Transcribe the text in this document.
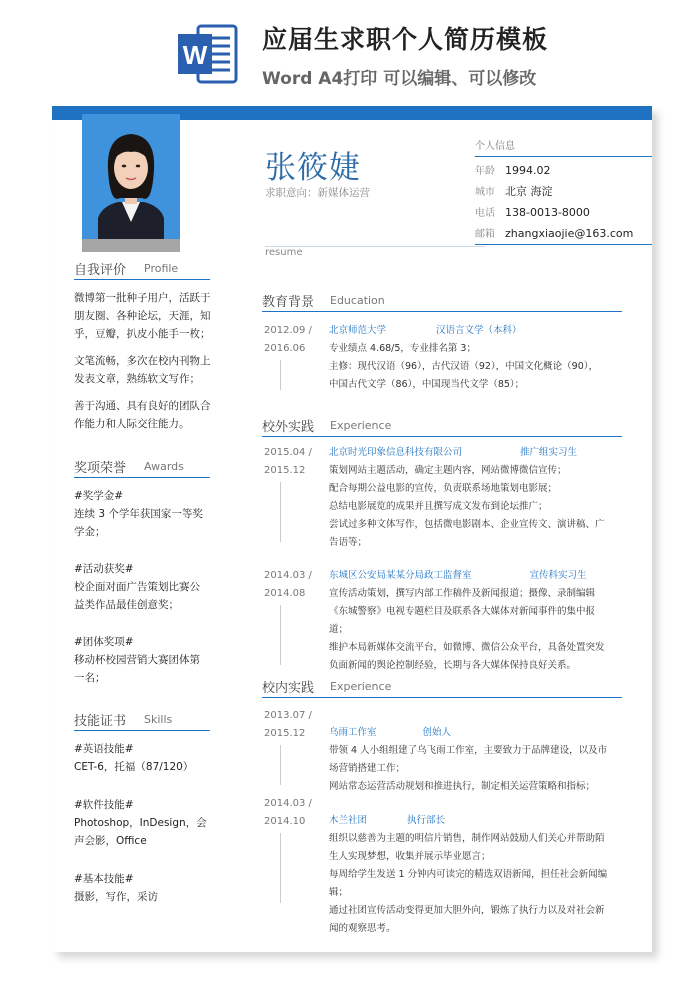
W
应届生求职个人简历模板
Word A4打印 可以编辑、可以修改
自我评价 Profile
微博第一批种子用户，活跃于
朋友圈、各种论坛，天涯，知
乎，豆瓣，扒皮小能手一枚；
文笔流畅，多次在校内刊物上
发表文章，熟练软文写作；
善于沟通、具有良好的团队合
作能力和人际交往能力。
奖项荣誉 Awards
#奖学金#
连续 3 个学年获国家一等奖
学金；
#活动获奖#
校企面对面广告策划比赛公
益类作品最佳创意奖；
#团体奖项#
移动杯校园营销大赛团体第
一名；
技能证书 Skills
#英语技能#
CET-6，托福（87/120）
#软件技能#
Photoshop，InDesign，会
声会影，Office
#基本技能#
摄影，写作，采访
张筱婕
求职意向：新媒体运营
个人信息
年龄 1994.02
城市 北京 海淀
电话 138-0013-8000
邮箱 zhangxiaojie@163.com
resume
教育背景 Education
2012.09 /
2016.06

北京师范大学	汉语言文学（本科）

专业绩点 4.68/5，专业排名第 3；

主修：现代汉语（96），古代汉语（92），中国文化概论（90），

中国古代文学（86），中国现当代文学（85）；

校外实践 Experience
2015.04 /
2015.12

北京时光印象信息科技有限公司	推广组实习生

策划网站主题活动，确定主题内容，网站微博微信宣传；

配合每期公益电影的宣传，负责联系场地策划电影展；

总结电影展览的成果并且撰写成文发布到论坛推广；

尝试过多种文体写作，包括微电影剧本、企业宣传文、演讲稿、广

告语等；

2014.03 /
2014.08

东城区公安局某某分局政工监督室	宣传科实习生

宣传活动策划，撰写内部工作稿件及新闻报道；摄像、录制编辑

《东城警察》电视专题栏目及联系各大媒体对新闻事件的集中报

道；

维护本局新媒体交流平台，如微博、微信公众平台，具备处置突发

负面新闻的舆论控制经验，长期与各大媒体保持良好关系。

校内实践 Experience
2013.07 /
2015.12	乌雨工作室	创始人

带领 4 人小组组建了乌飞雨工作室，主要致力于品牌建设，以及市

场营销搭建工作；

网站常态运营活动规划和推进执行，制定相关运营策略和指标；

2014.03 /
2014.10	木兰社团	执行部长

组织以慈善为主题的明信片销售，制作网站鼓励人们关心并帮助陌

生人实现梦想，收集并展示毕业愿言；

每周给学生发送 1 分钟内可读完的精选双语新闻，担任社会新闻编

辑；

通过社团宣传活动变得更加大胆外向，锻炼了执行力以及对社会新

闻的观察思考。
